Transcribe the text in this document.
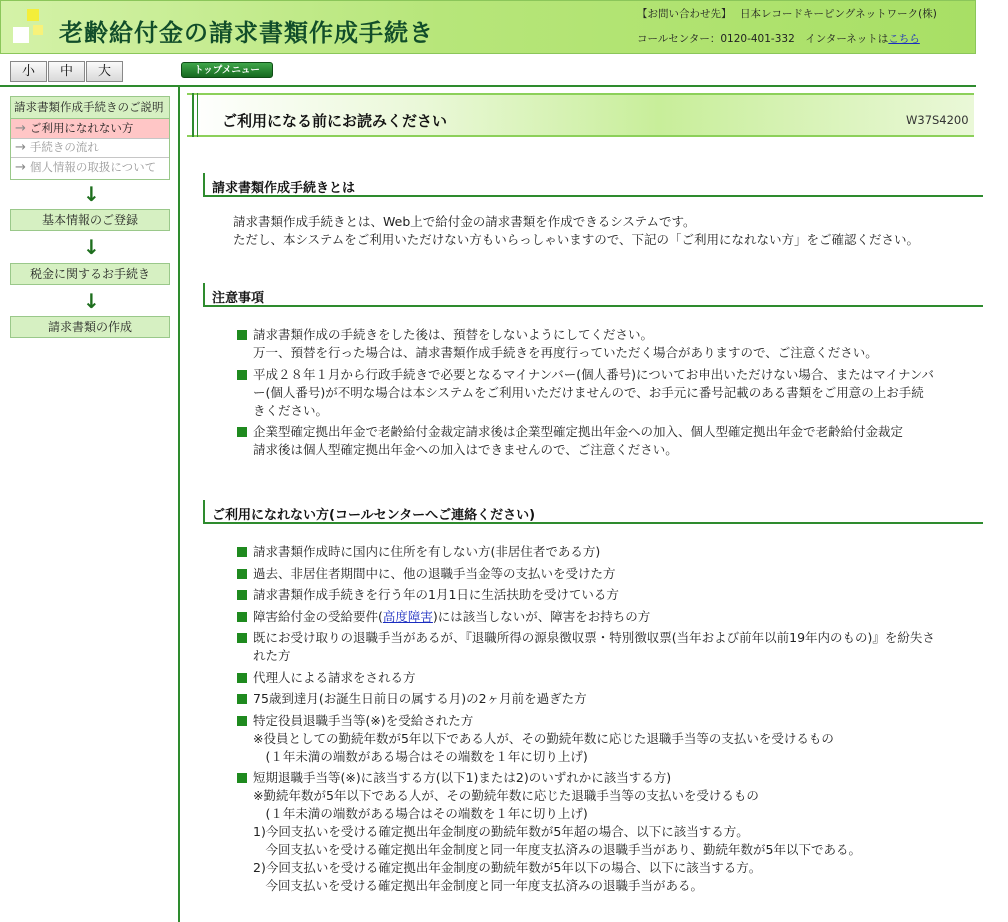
老齢給付金の請求書類作成手続き
【お問い合わせ先】 日本レコードキーピングネットワーク(株)
コールセンター：0120-401-332　インターネットはこちら
小	中	大	トップメニュー
請求書類作成手続きのご説明
→ ご利用になれない方
→ 手続きの流れ
→ 個人情報の取扱について
↓
基本情報のご登録
↓
税金に関するお手続き
↓
請求書類の作成
ご利用になる前にお読みください	W37S4200
請求書類作成手続きとは
請求書類作成手続きとは、Web上で給付金の請求書類を作成できるシステムです。
ただし、本システムをご利用いただけない方もいらっしゃいますので、下記の「ご利用になれない方」をご確認ください。
注意事項
請求書類作成の手続きをした後は、預替をしないようにしてください。
万一、預替を行った場合は、請求書類作成手続きを再度行っていただく場合がありますので、ご注意ください。
平成２８年１月から行政手続きで必要となるマイナンバー(個人番号)についてお申出いただけない場合、またはマイナンバ
ー(個人番号)が不明な場合は本システムをご利用いただけませんので、お手元に番号記載のある書類をご用意の上お手続
きください。
企業型確定拠出年金で老齢給付金裁定請求後は企業型確定拠出年金への加入、個人型確定拠出年金で老齢給付金裁定
請求後は個人型確定拠出年金への加入はできませんので、ご注意ください。
ご利用になれない方(コールセンターへご連絡ください)
請求書類作成時に国内に住所を有しない方(非居住者である方)
過去、非居住者期間中に、他の退職手当金等の支払いを受けた方
請求書類作成手続きを行う年の1月1日に生活扶助を受けている方
障害給付金の受給要件(高度障害)には該当しないが、障害をお持ちの方
既にお受け取りの退職手当があるが、『退職所得の源泉徴収票・特別徴収票(当年および前年以前19年内のもの)』を紛失さ
れた方
代理人による請求をされる方
75歳到達月(お誕生日前日の属する月)の2ヶ月前を過ぎた方
特定役員退職手当等(※)を受給された方
※役員としての勤続年数が5年以下である人が、その勤続年数に応じた退職手当等の支払いを受けるもの
　(１年未満の端数がある場合はその端数を１年に切り上げ)
短期退職手当等(※)に該当する方(以下1)または2)のいずれかに該当する方)
※勤続年数が5年以下である人が、その勤続年数に応じた退職手当等の支払いを受けるもの
　(１年未満の端数がある場合はその端数を１年に切り上げ)
1)今回支払いを受ける確定拠出年金制度の勤続年数が5年超の場合、以下に該当する方。
　今回支払いを受ける確定拠出年金制度と同一年度支払済みの退職手当があり、勤続年数が5年以下である。
2)今回支払いを受ける確定拠出年金制度の勤続年数が5年以下の場合、以下に該当する方。
　今回支払いを受ける確定拠出年金制度と同一年度支払済みの退職手当がある。
